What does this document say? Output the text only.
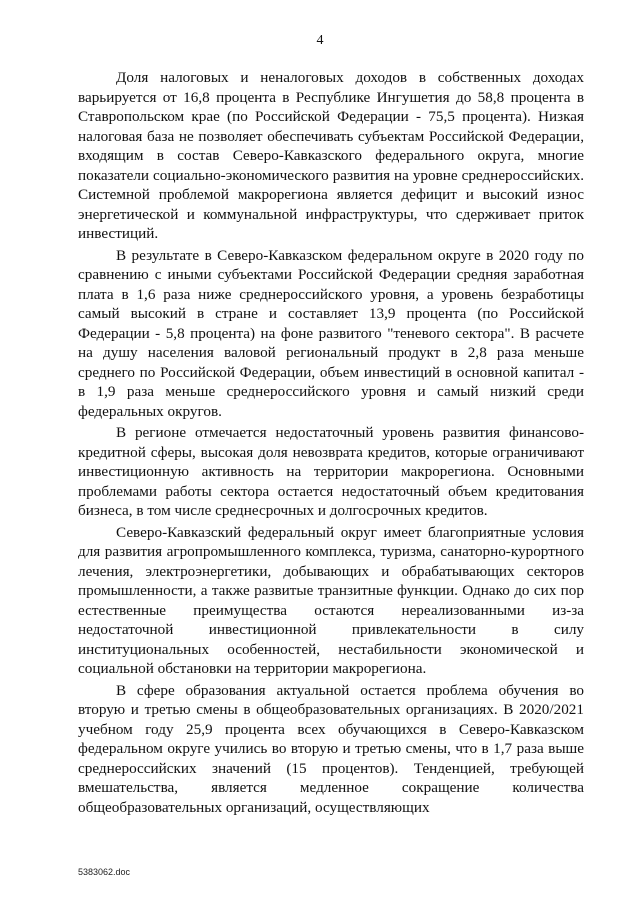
4

Доля налоговых и неналоговых доходов в собственных доходах варьируется от 16,8 процента в Республике Ингушетия до 58,8 процента в Ставропольском крае (по Российской Федерации - 75,5 процента). Низкая налоговая база не позволяет обеспечивать субъектам Российской Федерации, входящим в состав Северо-Кавказского федерального округа, многие показатели социально-экономического развития на уровне среднероссийских. Системной проблемой макрорегиона является дефицит и высокий износ энергетической и коммунальной инфраструктуры, что сдерживает приток инвестиций.

В результате в Северо-Кавказском федеральном округе в 2020 году по сравнению с иными субъектами Российской Федерации средняя заработная плата в 1,6 раза ниже среднероссийского уровня, а уровень безработицы самый высокий в стране и составляет 13,9 процента (по Российской Федерации - 5,8 процента) на фоне развитого "теневого сектора". В расчете на душу населения валовой региональный продукт в 2,8 раза меньше среднего по Российской Федерации, объем инвестиций в основной капитал - в 1,9 раза меньше среднероссийского уровня и самый низкий среди федеральных округов.

В регионе отмечается недостаточный уровень развития финансово-кредитной сферы, высокая доля невозврата кредитов, которые ограничивают инвестиционную активность на территории макрорегиона. Основными проблемами работы сектора остается недостаточный объем кредитования бизнеса, в том числе среднесрочных и долгосрочных кредитов.

Северо-Кавказский федеральный округ имеет благоприятные условия для развития агропромышленного комплекса, туризма, санаторно-курортного лечения, электроэнергетики, добывающих и обрабатывающих секторов промышленности, а также развитые транзитные функции. Однако до сих пор естественные преимущества остаются нереализованными из-за недостаточной инвестиционной привлекательности в силу институциональных особенностей, нестабильности экономической и социальной обстановки на территории макрорегиона.

В сфере образования актуальной остается проблема обучения во вторую и третью смены в общеобразовательных организациях. В 2020/2021 учебном году 25,9 процента всех обучающихся в Северо-Кавказском федеральном округе учились во вторую и третью смены, что в 1,7 раза выше среднероссийских значений (15 процентов). Тенденцией, требующей вмешательства, является медленное сокращение количества общеобразовательных организаций, осуществляющих

5383062.doc
